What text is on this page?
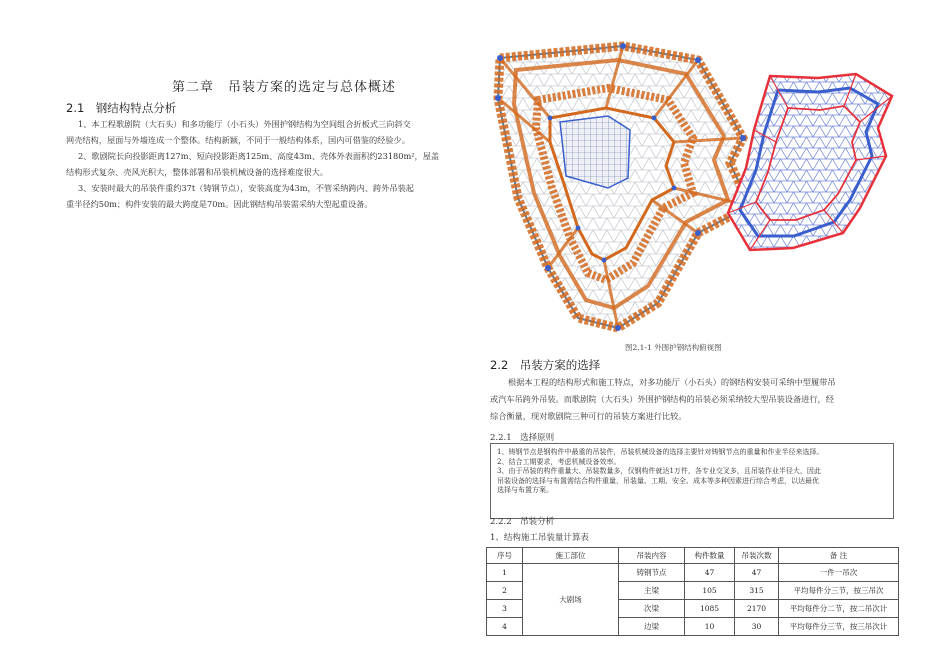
第二章　吊装方案的选定与总体概述
2.1　钢结构特点分析
1、本工程歌剧院（大石头）和多功能厅（小石头）外围护钢结构为空间组合折板式三向斜交
网壳结构，屋面与外墙连成一个整体。结构新颖，不同于一般结构体系，国内可借鉴的经验少。
2、歌剧院长向投影距离127m、短向投影距离125m、高度43m、壳体外表面积约23180m²，屋盖
结构形式复杂、壳风光积大，整体部署和吊装机械设备的选择难度很大。
3、安装时最大的吊装件重约37t（铸钢节点），安装高度为43m，不管采纳跨内、跨外吊装起
重半径约50m；构件安装的最大跨度是70m。因此钢结构吊装需采纳大型起重设备。
图2.1-1 外围护钢结构俯视图
2.2　吊装方案的选择
根据本工程的结构形式和施工特点，对多功能厅（小石头）的钢结构安装可采纳中型履带吊
或汽车吊跨外吊装。而歌剧院（大石头）外围护钢结构的吊装必须采纳较大型吊装设备进行，经
综合衡量，现对歌剧院三种可行的吊装方案进行比较。
2.2.1　选择原则
1、铸钢节点是钢构件中最重的吊装件，吊装机械设备的选择主要针对铸钢节点的重量和作业半径来选择。
2、结合工期要求，考虑机械设备效率。
3、由于吊装的构件重量大、吊装数量多，仅钢构件就达1万件，各专业交叉多，且吊装作业半径大，因此
吊装设备的选择与布置需结合构件重量、吊装量、工期、安全、成本等多种因素进行综合考虑，以达最优
选择与布置方案。
2.2.2　吊装分析
1、结构施工吊装量计算表
序号	施工部位	吊装内容	构件数量	吊装次数	备 注
1	大剧场	铸钢节点	47	47	一件一吊次
2		主梁	105	315	平均每件分三节，按三吊次
3		次梁	1085	2170	平均每件分二节，按二吊次计
4		边梁	10	30	平均每件分三节，按三吊次计
